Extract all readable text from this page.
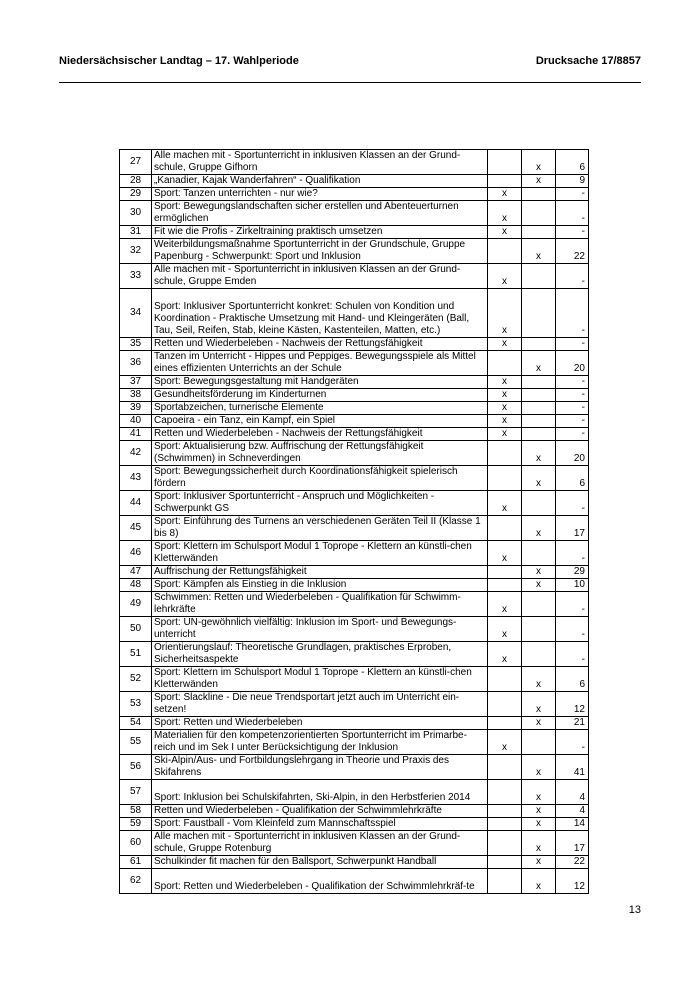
Niedersächsischer Landtag – 17. Wahlperiode	Drucksache 17/8857
27	Alle machen mit - Sportunterricht in inklusiven Klassen an der Grund-schule, Gruppe Gifhorn		x	6
28	„Kanadier, Kajak Wanderfahren“ - Qualifikation		x	9
29	Sport: Tanzen unterrichten - nur wie?	x		-
30	Sport: Bewegungslandschaften sicher erstellen und Abenteuerturnen ermöglichen	x		-
31	Fit wie die Profis - Zirkeltraining praktisch umsetzen	x		-
32	Weiterbildungsmaßnahme Sportunterricht in der Grundschule, Gruppe Papenburg - Schwerpunkt: Sport und Inklusion		x	22
33	Alle machen mit - Sportunterricht in inklusiven Klassen an der Grund-schule, Gruppe Emden	x		-
34	Sport: Inklusiver Sportunterricht konkret: Schulen von Kondition und Koordination - Praktische Umsetzung mit Hand- und Kleingeräten (Ball, Tau, Seil, Reifen, Stab, kleine Kästen, Kastenteilen, Matten, etc.)	x		-
35	Retten und Wiederbeleben - Nachweis der Rettungsfähigkeit	x		-
36	Tanzen im Unterricht - Hippes und Peppiges. Bewegungsspiele als Mittel eines effizienten Unterrichts an der Schule		x	20
37	Sport: Bewegungsgestaltung mit Handgeräten	x		-
38	Gesundheitsförderung im Kinderturnen	x		-
39	Sportabzeichen, turnerische Elemente	x		-
40	Capoeira - ein Tanz, ein Kampf, ein Spiel	x		-
41	Retten und Wiederbeleben - Nachweis der Rettungsfähigkeit	x		-
42	Sport: Aktualisierung bzw. Auffrischung der Rettungsfähigkeit (Schwimmen) in Schneverdingen		x	20
43	Sport: Bewegungssicherheit durch Koordinationsfähigkeit spielerisch fördern		x	6
44	Sport: Inklusiver Sportunterricht - Anspruch und Möglichkeiten - Schwerpunkt GS	x		-
45	Sport: Einführung des Turnens an verschiedenen Geräten Teil II (Klasse 1 bis 8)		x	17
46	Sport: Klettern im Schulsport Modul 1 Toprope - Klettern an künstli-chen Kletterwänden	x		-
47	Auffrischung der Rettungsfähigkeit		x	29
48	Sport: Kämpfen als Einstieg in die Inklusion		x	10
49	Schwimmen: Retten und Wiederbeleben - Qualifikation für Schwimm-lehrkräfte	x		-
50	Sport: UN-gewöhnlich vielfältig: Inklusion im Sport- und Bewegungs-unterricht	x		-
51	Orientierungslauf: Theoretische Grundlagen, praktisches Erproben, Sicherheitsaspekte	x		-
52	Sport: Klettern im Schulsport Modul 1 Toprope - Klettern an künstli-chen Kletterwänden		x	6
53	Sport: Slackline - Die neue Trendsportart jetzt auch im Unterricht ein-setzen!		x	12
54	Sport: Retten und Wiederbeleben		x	21
55	Materialien für den kompetenzorientierten Sportunterricht im Primarbe-reich und im Sek I unter Berücksichtigung der Inklusion	x		-
56	Ski-Alpin/Aus- und Fortbildungslehrgang in Theorie und Praxis des Skifahrens		x	41
57	Sport: Inklusion bei Schulskifahrten, Ski-Alpin, in den Herbstferien 2014		x	4
58	Retten und Wiederbeleben - Qualifikation der Schwimmlehrkräfte		x	4
59	Sport: Faustball - Vom Kleinfeld zum Mannschaftsspiel		x	14
60	Alle machen mit - Sportunterricht in inklusiven Klassen an der Grund-schule, Gruppe Rotenburg		x	17
61	Schulkinder fit machen für den Ballsport, Schwerpunkt Handball		x	22
62	Sport: Retten und Wiederbeleben - Qualifikation der Schwimmlehrkräf-te		x	12
13
